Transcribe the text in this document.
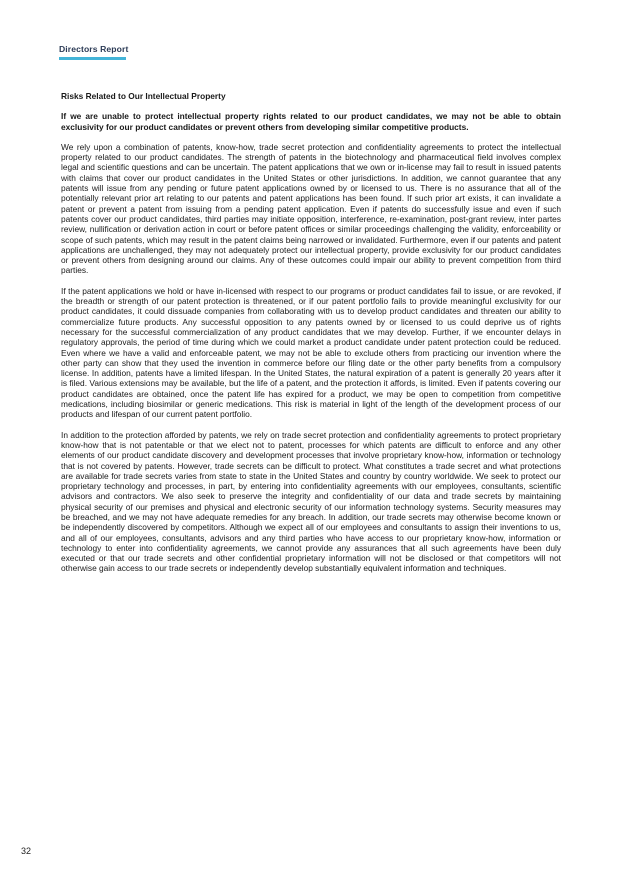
Directors Report
Risks Related to Our Intellectual Property
If we are unable to protect intellectual property rights related to our product candidates, we may not be able to obtain exclusivity for our product candidates or prevent others from developing similar competitive products.

We rely upon a combination of patents, know-how, trade secret protection and confidentiality agreements to protect the intellectual property related to our product candidates. The strength of patents in the biotechnology and pharmaceutical field involves complex legal and scientific questions and can be uncertain. The patent applications that we own or in-license may fail to result in issued patents with claims that cover our product candidates in the United States or other jurisdictions. In addition, we cannot guarantee that any patents will issue from any pending or future patent applications owned by or licensed to us. There is no assurance that all of the potentially relevant prior art relating to our patents and patent applications has been found. If such prior art exists, it can invalidate a patent or prevent a patent from issuing from a pending patent application. Even if patents do successfully issue and even if such patents cover our product candidates, third parties may initiate opposition, interference, re-examination, post-grant review, inter partes review, nullification or derivation action in court or before patent offices or similar proceedings challenging the validity, enforceability or scope of such patents, which may result in the patent claims being narrowed or invalidated. Furthermore, even if our patents and patent applications are unchallenged, they may not adequately protect our intellectual property, provide exclusivity for our product candidates or prevent others from designing around our claims. Any of these outcomes could impair our ability to prevent competition from third parties.

If the patent applications we hold or have in-licensed with respect to our programs or product candidates fail to issue, or are revoked, if the breadth or strength of our patent protection is threatened, or if our patent portfolio fails to provide meaningful exclusivity for our product candidates, it could dissuade companies from collaborating with us to develop product candidates and threaten our ability to commercialize future products. Any successful opposition to any patents owned by or licensed to us could deprive us of rights necessary for the successful commercialization of any product candidates that we may develop. Further, if we encounter delays in regulatory approvals, the period of time during which we could market a product candidate under patent protection could be reduced. Even where we have a valid and enforceable patent, we may not be able to exclude others from practicing our invention where the other party can show that they used the invention in commerce before our filing date or the other party benefits from a compulsory license. In addition, patents have a limited lifespan. In the United States, the natural expiration of a patent is generally 20 years after it is filed. Various extensions may be available, but the life of a patent, and the protection it affords, is limited. Even if patents covering our product candidates are obtained, once the patent life has expired for a product, we may be open to competition from competitive medications, including biosimilar or generic medications. This risk is material in light of the length of the development process of our products and lifespan of our current patent portfolio.

In addition to the protection afforded by patents, we rely on trade secret protection and confidentiality agreements to protect proprietary know-how that is not patentable or that we elect not to patent, processes for which patents are difficult to enforce and any other elements of our product candidate discovery and development processes that involve proprietary know-how, information or technology that is not covered by patents. However, trade secrets can be difficult to protect. What constitutes a trade secret and what protections are available for trade secrets varies from state to state in the United States and country by country worldwide. We seek to protect our proprietary technology and processes, in part, by entering into confidentiality agreements with our employees, consultants, scientific advisors and contractors. We also seek to preserve the integrity and confidentiality of our data and trade secrets by maintaining physical security of our premises and physical and electronic security of our information technology systems. Security measures may be breached, and we may not have adequate remedies for any breach. In addition, our trade secrets may otherwise become known or be independently discovered by competitors. Although we expect all of our employees and consultants to assign their inventions to us, and all of our employees, consultants, advisors and any third parties who have access to our proprietary know-how, information or technology to enter into confidentiality agreements, we cannot provide any assurances that all such agreements have been duly executed or that our trade secrets and other confidential proprietary information will not be disclosed or that competitors will not otherwise gain access to our trade secrets or independently develop substantially equivalent information and techniques.

32
